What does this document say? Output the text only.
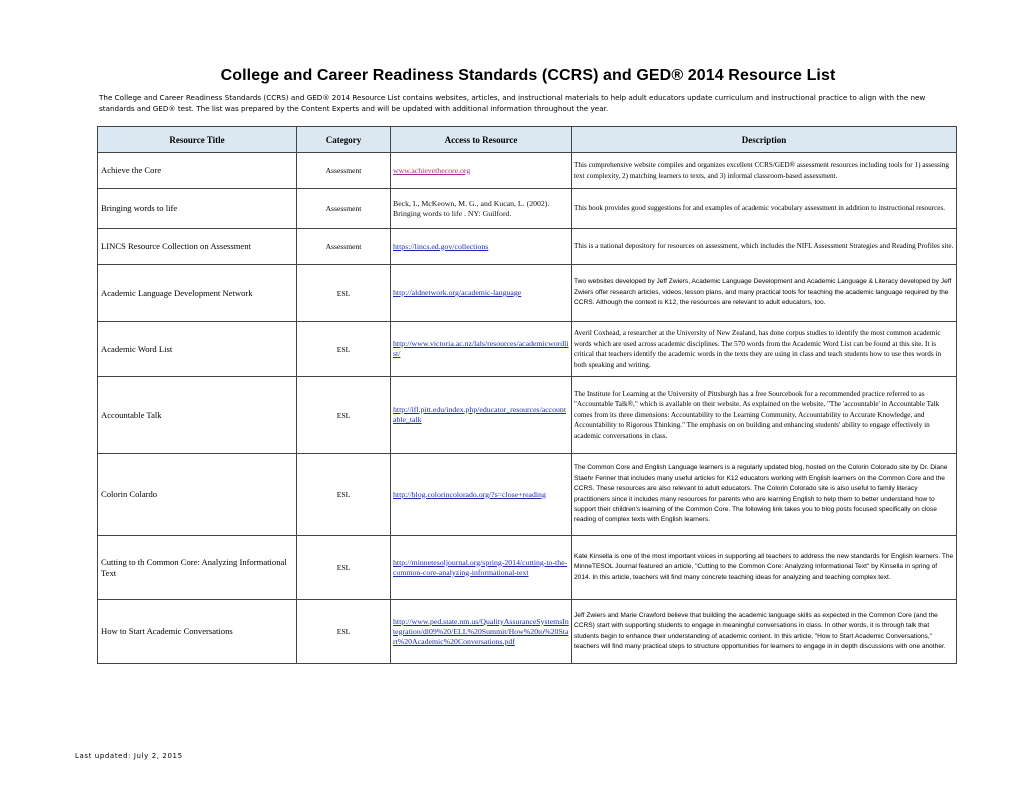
College and Career Readiness Standards (CCRS) and GED® 2014 Resource List
The College and Career Readiness Standards (CCRS) and GED® 2014 Resource List contains websites, articles, and instructional materials to help adult educators update curriculum and instructional practice to align with the new standards and GED® test. The list was prepared by the Content Experts and will be updated with additional information throughout the year.
Resource Title	Category	Access to Resource	Description
Achieve the Core	Assessment	www.achievethecore.org	This comprehensive website compiles and organizes excellent CCRS/GED® assessment resources including tools for 1) assessing text complexity, 2) matching learners to texts, and 3) informal classroom-based assessment.
Bringing words to life	Assessment	Beck, I., McKeown, M. G., and Kucan, L. (2002). Bringing words to life . NY: Guilford.	This book provides good suggestions for and examples of academic vocabulary assessment in addition to instructional resources.
LINCS Resource Collection on Assessment	Assessment	https://lincs.ed.gov/collections	This is a national depository for resources on assessment, which includes the NIFL Assessment Strategies and Reading Profiles site.
Academic Language Development Network	ESL	http://aldnetwork.org/academic-language	Two websites developed by Jeff Zwiers, Academic Language Development and Academic Language & Literacy developed by Jeff Zwiers offer research articles, videos, lesson plans, and many practical tools for teaching the academic language required by the CCRS. Although the context is K12, the resources are relevant to adult educators, too.
Academic Word List	ESL	http://www.victoria.ac.nz/lals/resources/academicwordlist/	Averil Coxhead, a researcher at the University of New Zealand, has done corpus studies to identify the most common academic words which are used across academic disciplines. The 570 words from the Academic Word List can be found at this site. It is critical that teachers identify the academic words in the texts they are using in class and teach students how to use thes words in both speaking and writing.
Accountable Talk	ESL	http://ifl.pitt.edu/index.php/educator_resources/accountable_talk	The Institute for Learning at the University of Pittsburgh has a free Sourcebook for a recommended practice referred to as "Accountable Talk®," which is available on their website. As explained on the website, "The 'accountable' in Accountable Talk comes from its three dimensions: Accountability to the Learning Community, Accountability to Accurate Knowledge, and Accountability to Rigorous Thinking." The emphasis on on building and enhancing students' ability to engage effectively in academic conversations in class.
Colorin Colardo	ESL	http://blog.colorincolorado.org/?s=close+reading	The Common Core and English Language learners is a regularly updated blog, hosted on the Colorin Colorado site by Dr. Diane Staehr Fenner that includes many useful articles for K12 educators working with English learners on the Common Core and the CCRS. These resources are also relevant to adult educators. The Colorin Colorado site is also useful to family literacy practitioners since it includes many resources for parents who are learning English to help them to better understand how to support their children's learning of the Common Core. The following link takes you to blog posts focused specifically on close reading of complex texts with English learners.
Cutting to th Common Core: Analyzing Informational Text	ESL	http://minnetesoljournal.org/spring-2014/cutting-to-the-common-core-analyzing-informational-text	Kate Kinsella is one of the most important voices in supporting all teachers to address the new standards for English learners. The MinneTESOL Journal featured an article, "Cutting to the Common Core: Analyzing Informational Text" by Kinsella in spring of 2014. In this article, teachers will find many concrete teaching ideas for analyzing and teaching complex text.
How to Start Academic Conversations	ESL	http://www.ped.state.nm.us/QualityAssuranceSystemsIntegration/dl09%20/ELL%20Summit/How%20to%20Start%20Academic%20Conversations.pdf	Jeff Zwiers and Marie Crawford believe that building the academic language skills as expected in the Common Core (and the CCRS) start with supporting students to engage in meaningful conversations in class. In other words, it is through talk that students begin to enhance their understanding of academic content. In this article, "How to Start Academic Conversations," teachers will find many practical steps to structure opportunities for learners to engage in in depth discussions with one another.
Last updated: July 2, 2015
